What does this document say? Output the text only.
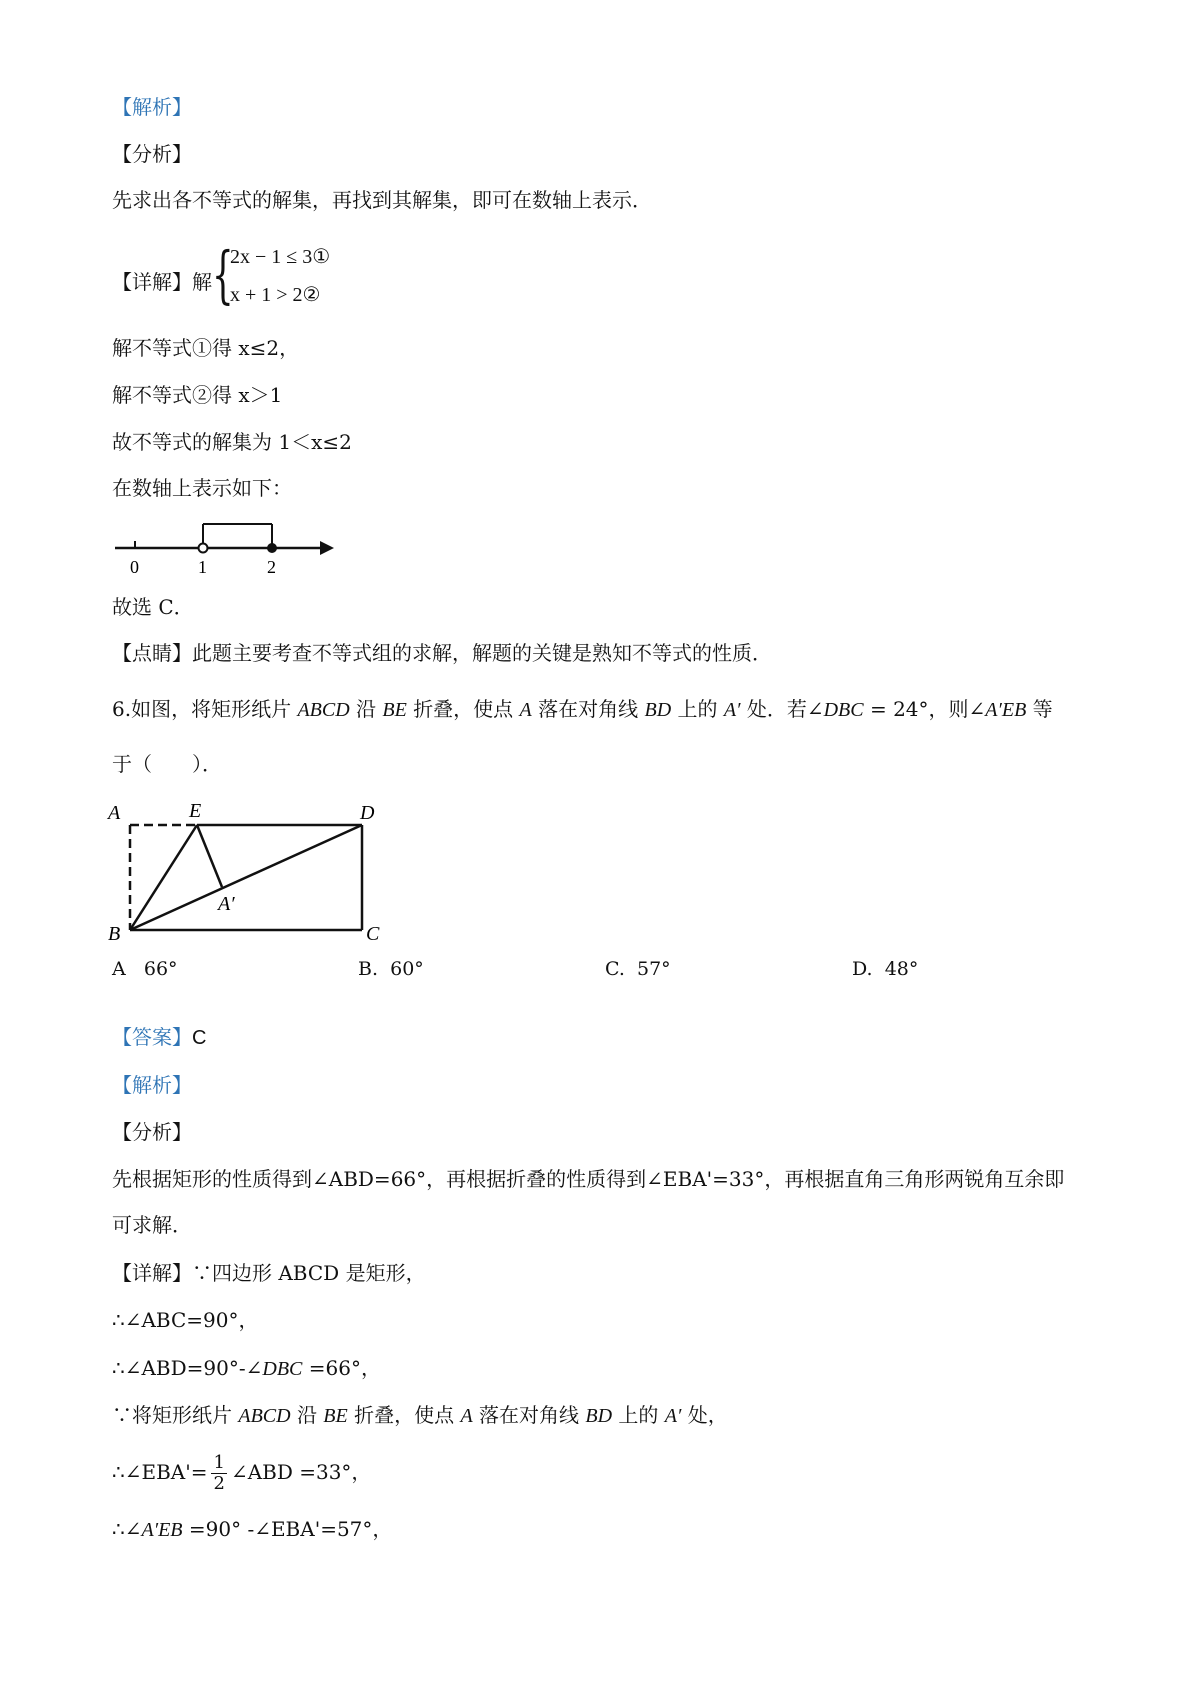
【解析】
【分析】
先求出各不等式的解集，再找到其解集，即可在数轴上表示．
【详解】解 {
2x − 1 ≤ 3①
x + 1 > 2②
解不等式①得 x≤2，
解不等式②得 x＞1
故不等式的解集为 1＜x≤2
在数轴上表示如下：
0	1	2
故选 C．
【点睛】此题主要考查不等式组的求解，解题的关键是熟知不等式的性质．
6.如图，将矩形纸片 ABCD 沿 BE 折叠，使点 A 落在对角线 BD 上的 A′ 处．若∠DBC = 24°，则∠A′EB 等
于（　　）．
A	E	D
A′
B	C
A 66°	B. 60°	C. 57°	D. 48°
【答案】C
【解析】
【分析】
先根据矩形的性质得到∠ABD=66°，再根据折叠的性质得到∠EBA'=33°，再根据直角三角形两锐角互余即
可求解．
【详解】∵四边形 ABCD 是矩形，
∴∠ABC=90°，
∴∠ABD=90°-∠DBC =66°，
∵将矩形纸片 ABCD 沿 BE 折叠，使点 A 落在对角线 BD 上的 A′ 处，
∴∠EBA'= $\frac{1}{2}$ ∠ABD =33°，
∴∠A′EB =90° -∠EBA'=57°，
